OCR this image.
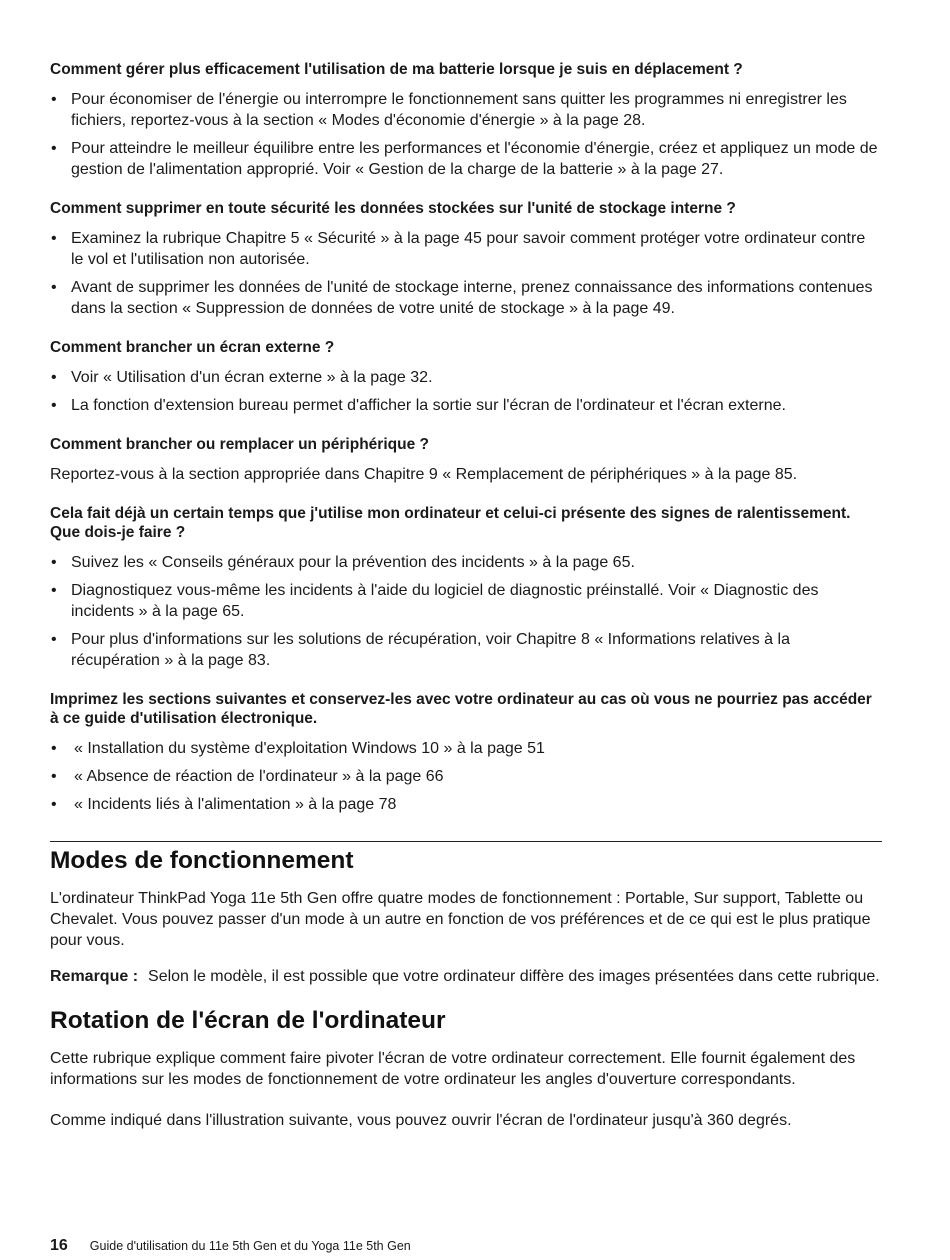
Comment gérer plus efficacement l'utilisation de ma batterie lorsque je suis en déplacement ?
• Pour économiser de l'énergie ou interrompre le fonctionnement sans quitter les programmes ni enregistrer les fichiers, reportez-vous à la section « Modes d'économie d'énergie » à la page 28.
• Pour atteindre le meilleur équilibre entre les performances et l'économie d'énergie, créez et appliquez un mode de gestion de l'alimentation approprié. Voir « Gestion de la charge de la batterie » à la page 27.
Comment supprimer en toute sécurité les données stockées sur l'unité de stockage interne ?
• Examinez la rubrique Chapitre 5 « Sécurité » à la page 45 pour savoir comment protéger votre ordinateur contre le vol et l'utilisation non autorisée.
• Avant de supprimer les données de l'unité de stockage interne, prenez connaissance des informations contenues dans la section « Suppression de données de votre unité de stockage » à la page 49.
Comment brancher un écran externe ?
• Voir « Utilisation d'un écran externe » à la page 32.
• La fonction d'extension bureau permet d'afficher la sortie sur l'écran de l'ordinateur et l'écran externe.
Comment brancher ou remplacer un périphérique ?

Reportez-vous à la section appropriée dans Chapitre 9 « Remplacement de périphériques » à la page 85.

Cela fait déjà un certain temps que j'utilise mon ordinateur et celui-ci présente des signes de ralentissement. Que dois-je faire ?
• Suivez les « Conseils généraux pour la prévention des incidents » à la page 65.
• Diagnostiquez vous-même les incidents à l'aide du logiciel de diagnostic préinstallé. Voir « Diagnostic des incidents » à la page 65.
• Pour plus d'informations sur les solutions de récupération, voir Chapitre 8 « Informations relatives à la récupération » à la page 83.
Imprimez les sections suivantes et conservez-les avec votre ordinateur au cas où vous ne pourriez pas accéder à ce guide d'utilisation électronique.
• « Installation du système d'exploitation Windows 10 » à la page 51
• « Absence de réaction de l'ordinateur » à la page 66
• « Incidents liés à l'alimentation » à la page 78
Modes de fonctionnement

L'ordinateur ThinkPad Yoga 11e 5th Gen offre quatre modes de fonctionnement : Portable, Sur support, Tablette ou Chevalet. Vous pouvez passer d'un mode à un autre en fonction de vos préférences et de ce qui est le plus pratique pour vous.

Remarque : Selon le modèle, il est possible que votre ordinateur diffère des images présentées dans cette rubrique.

Rotation de l'écran de l'ordinateur

Cette rubrique explique comment faire pivoter l'écran de votre ordinateur correctement. Elle fournit également des informations sur les modes de fonctionnement de votre ordinateur les angles d'ouverture correspondants.

Comme indiqué dans l'illustration suivante, vous pouvez ouvrir l'écran de l'ordinateur jusqu'à 360 degrés.

16 Guide d'utilisation du 11e 5th Gen et du Yoga 11e 5th Gen
